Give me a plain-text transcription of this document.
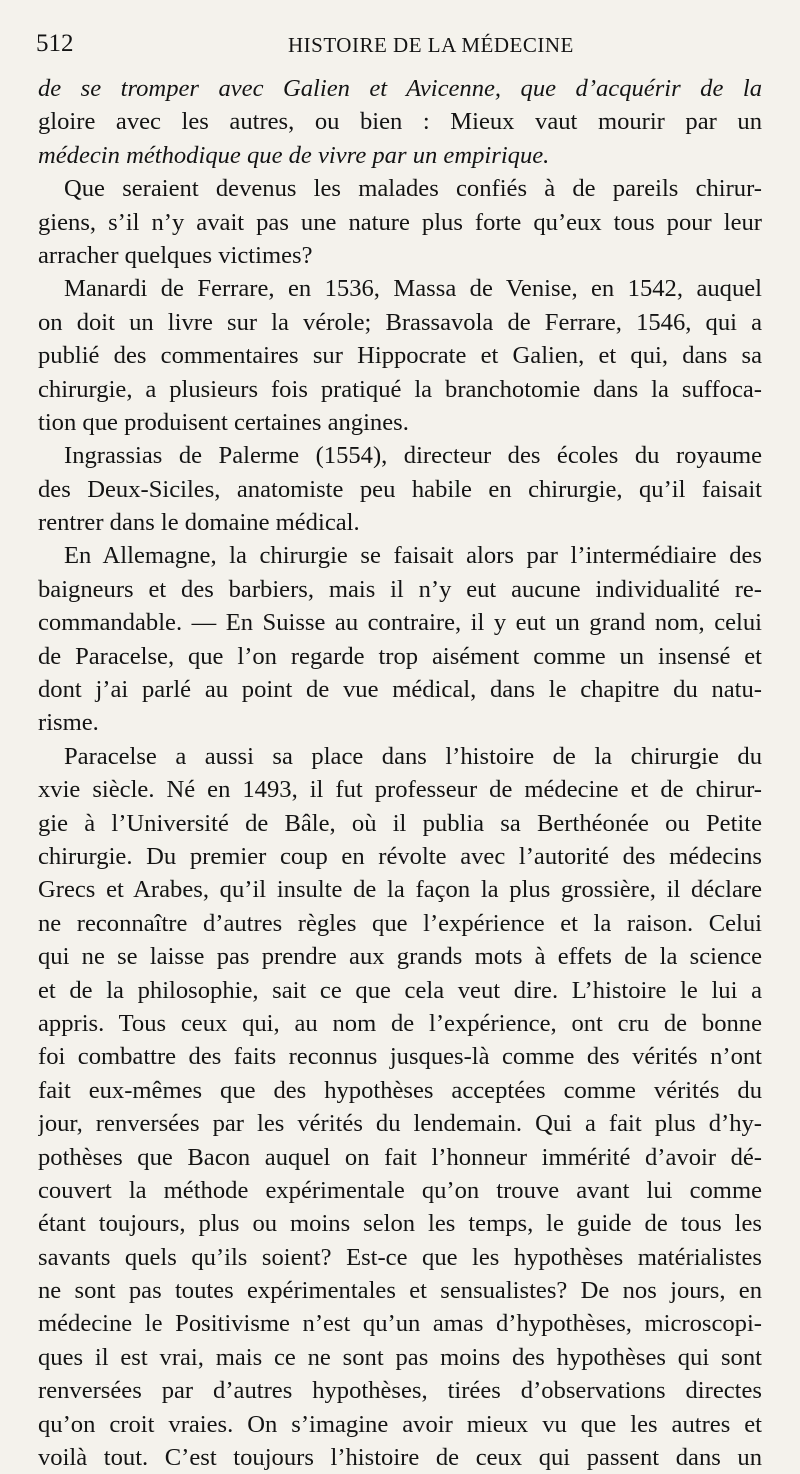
512	HISTOIRE DE LA MÉDECINE
de se tromper avec Galien et Avicenne, que d’acquérir de la
gloire avec les autres, ou bien : Mieux vaut mourir par un
médecin méthodique que de vivre par un empirique.
Que seraient devenus les malades confiés à de pareils chirur-
giens, s’il n’y avait pas une nature plus forte qu’eux tous pour leur
arracher quelques victimes?
Manardi de Ferrare, en 1536, Massa de Venise, en 1542, auquel
on doit un livre sur la vérole; Brassavola de Ferrare, 1546, qui a
publié des commentaires sur Hippocrate et Galien, et qui, dans sa
chirurgie, a plusieurs fois pratiqué la branchotomie dans la suffoca-
tion que produisent certaines angines.
Ingrassias de Palerme (1554), directeur des écoles du royaume
des Deux-Siciles, anatomiste peu habile en chirurgie, qu’il faisait
rentrer dans le domaine médical.
En Allemagne, la chirurgie se faisait alors par l’intermédiaire des
baigneurs et des barbiers, mais il n’y eut aucune individualité re-
commandable. — En Suisse au contraire, il y eut un grand nom, celui
de Paracelse, que l’on regarde trop aisément comme un insensé et
dont j’ai parlé au point de vue médical, dans le chapitre du natu-
risme.
Paracelse a aussi sa place dans l’histoire de la chirurgie du
xvie siècle. Né en 1493, il fut professeur de médecine et de chirur-
gie à l’Université de Bâle, où il publia sa Berthéonée ou Petite
chirurgie. Du premier coup en révolte avec l’autorité des médecins
Grecs et Arabes, qu’il insulte de la façon la plus grossière, il déclare
ne reconnaître d’autres règles que l’expérience et la raison. Celui
qui ne se laisse pas prendre aux grands mots à effets de la science
et de la philosophie, sait ce que cela veut dire. L’histoire le lui a
appris. Tous ceux qui, au nom de l’expérience, ont cru de bonne
foi combattre des faits reconnus jusques-là comme des vérités n’ont
fait eux-mêmes que des hypothèses acceptées comme vérités du
jour, renversées par les vérités du lendemain. Qui a fait plus d’hy-
pothèses que Bacon auquel on fait l’honneur immérité d’avoir dé-
couvert la méthode expérimentale qu’on trouve avant lui comme
étant toujours, plus ou moins selon les temps, le guide de tous les
savants quels qu’ils soient? Est-ce que les hypothèses matérialistes
ne sont pas toutes expérimentales et sensualistes? De nos jours, en
médecine le Positivisme n’est qu’un amas d’hypothèses, microscopi-
ques il est vrai, mais ce ne sont pas moins des hypothèses qui sont
renversées par d’autres hypothèses, tirées d’observations directes
qu’on croit vraies. On s’imagine avoir mieux vu que les autres et
voilà tout. C’est toujours l’histoire de ceux qui passent dans un
